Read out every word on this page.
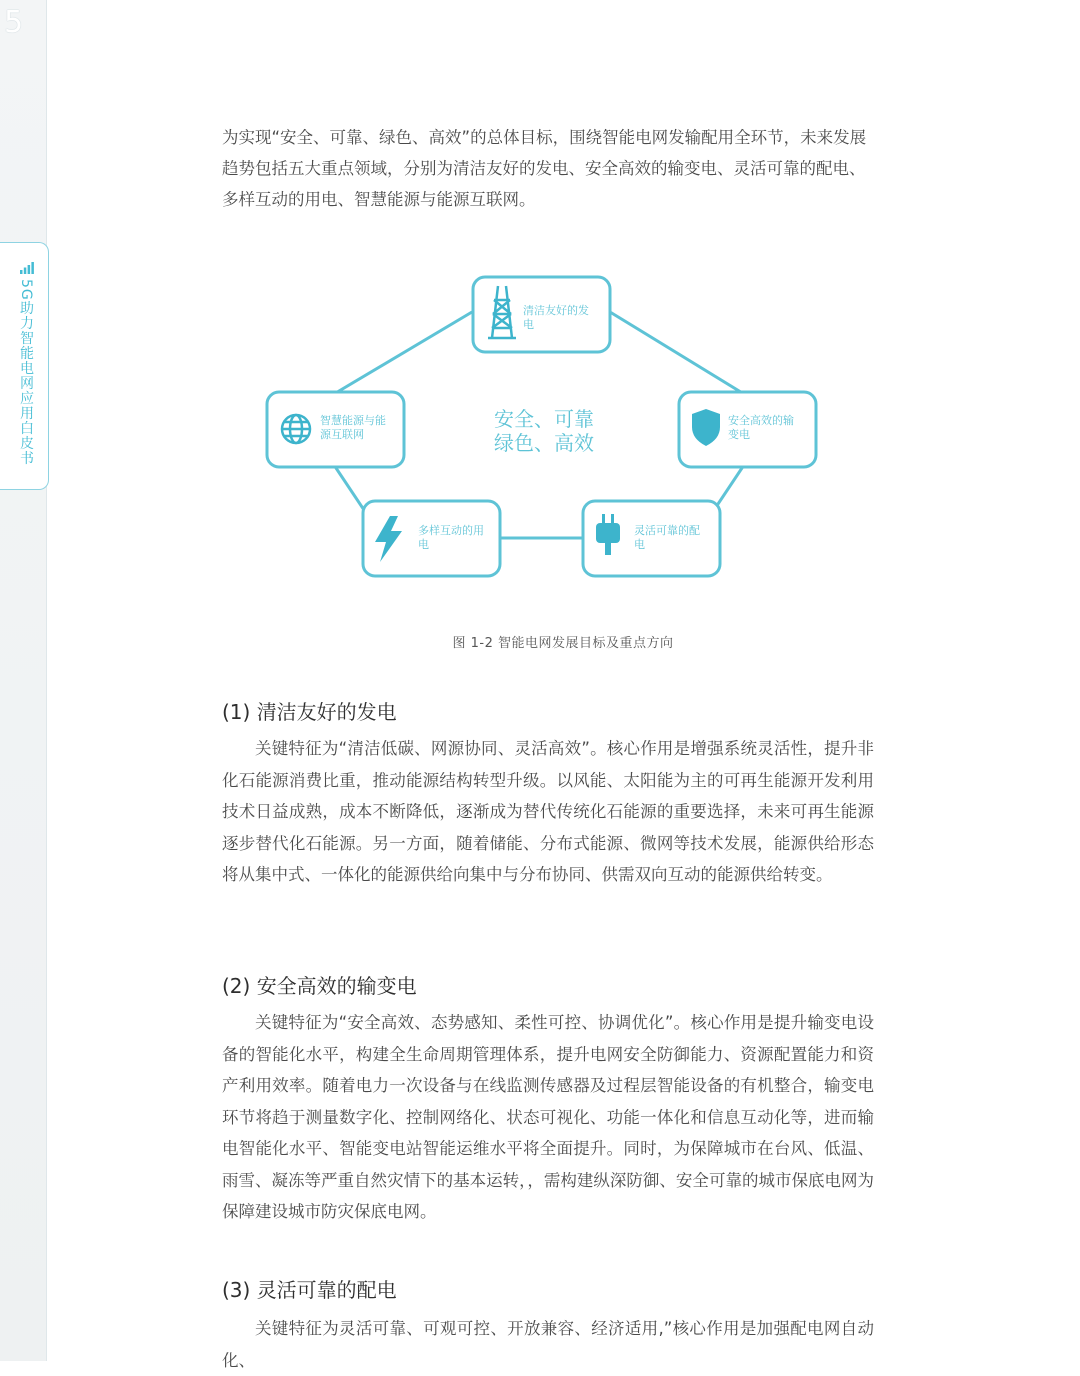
5
5G助力智能电网应用白皮书

为实现“安全、可靠、绿色、高效”的总体目标，围绕智能电网发输配用全环节，未来发展趋势包括五大重点领域，分别为清洁友好的发电、安全高效的输变电、灵活可靠的配电、多样互动的用电、智慧能源与能源互联网。

安全、可靠
绿色、高效
清洁友好的发
电
安全高效的输
变电
灵活可靠的配
电
多样互动的用
电
智慧能源与能
源互联网
图 1-2 智能电网发展目标及重点方向
(1) 清洁友好的发电

关键特征为“清洁低碳、网源协同、灵活高效”。核心作用是增强系统灵活性，提升非化石能源消费比重，推动能源结构转型升级。以风能、太阳能为主的可再生能源开发利用技术日益成熟，成本不断降低，逐渐成为替代传统化石能源的重要选择，未来可再生能源逐步替代化石能源。另一方面，随着储能、分布式能源、微网等技术发展，能源供给形态将从集中式、一体化的能源供给向集中与分布协同、供需双向互动的能源供给转变。

(2) 安全高效的输变电

关键特征为“安全高效、态势感知、柔性可控、协调优化”。核心作用是提升输变电设备的智能化水平，构建全生命周期管理体系，提升电网安全防御能力、资源配置能力和资产利用效率。随着电力一次设备与在线监测传感器及过程层智能设备的有机整合，输变电环节将趋于测量数字化、控制网络化、状态可视化、功能一体化和信息互动化等，进而输电智能化水平、智能变电站智能运维水平将全面提升。同时，为保障城市在台风、低温、雨雪、凝冻等严重自然灾情下的基本运转，，需构建纵深防御、安全可靠的城市保底电网为保障建设城市防灾保底电网。

(3) 灵活可靠的配电

关键特征为灵活可靠、可观可控、开放兼容、经济适用,”核心作用是加强配电网自动化、
